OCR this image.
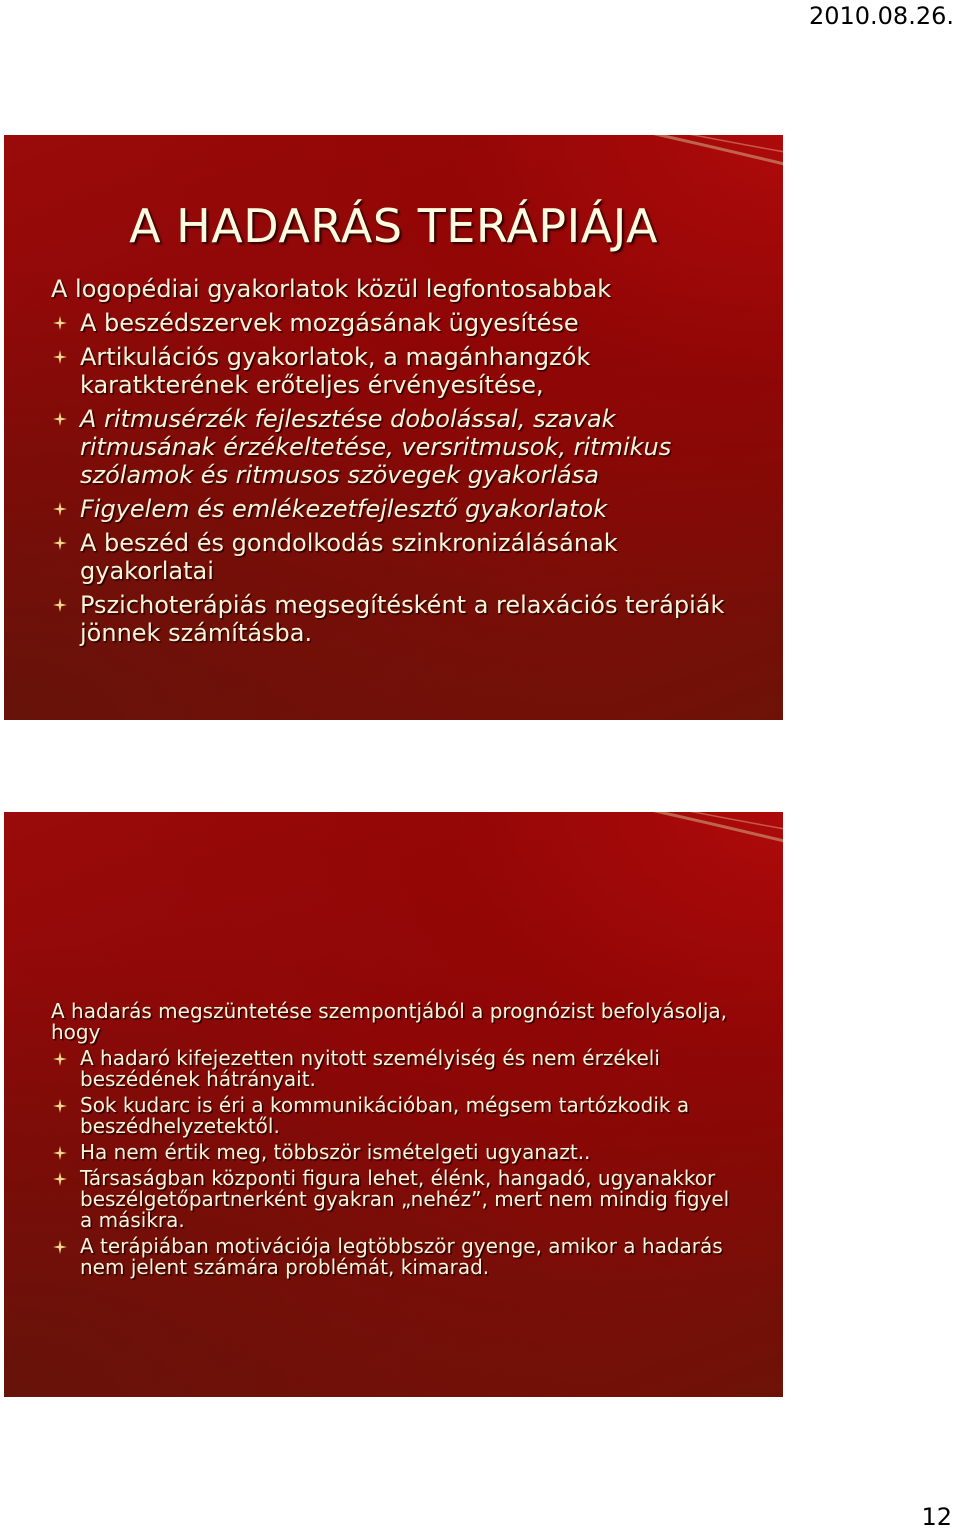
2010.08.26.
A HADARÁS TERÁPIÁJA
A logopédiai gyakorlatok közül legfontosabbak
A beszédszervek mozgásának ügyesítése
Artikulációs gyakorlatok, a magánhangzók karatkterének erőteljes érvényesítése,
A ritmusérzék fejlesztése dobolással, szavak ritmusának érzékeltetése, versritmusok, ritmikus szólamok és ritmusos szövegek gyakorlása
Figyelem és emlékezetfejlesztő gyakorlatok
A beszéd és gondolkodás szinkronizálásának gyakorlatai
Pszichoterápiás megsegítésként a relaxációs terápiák jönnek számításba.
A hadarás megszüntetése szempontjából a prognózist befolyásolja, hogy
A hadaró kifejezetten nyitott személyiség és nem érzékeli beszédének hátrányait.
Sok kudarc is éri a kommunikációban, mégsem tartózkodik a beszédhelyzetektől.
Ha nem értik meg, többször ismételgeti ugyanazt..
Társaságban központi figura lehet, élénk, hangadó, ugyanakkor beszélgetőpartnerként gyakran „nehéz”, mert nem mindig figyel a másikra.
A terápiában motivációja legtöbbször gyenge, amikor a hadarás nem jelent számára problémát, kimarad.
12
